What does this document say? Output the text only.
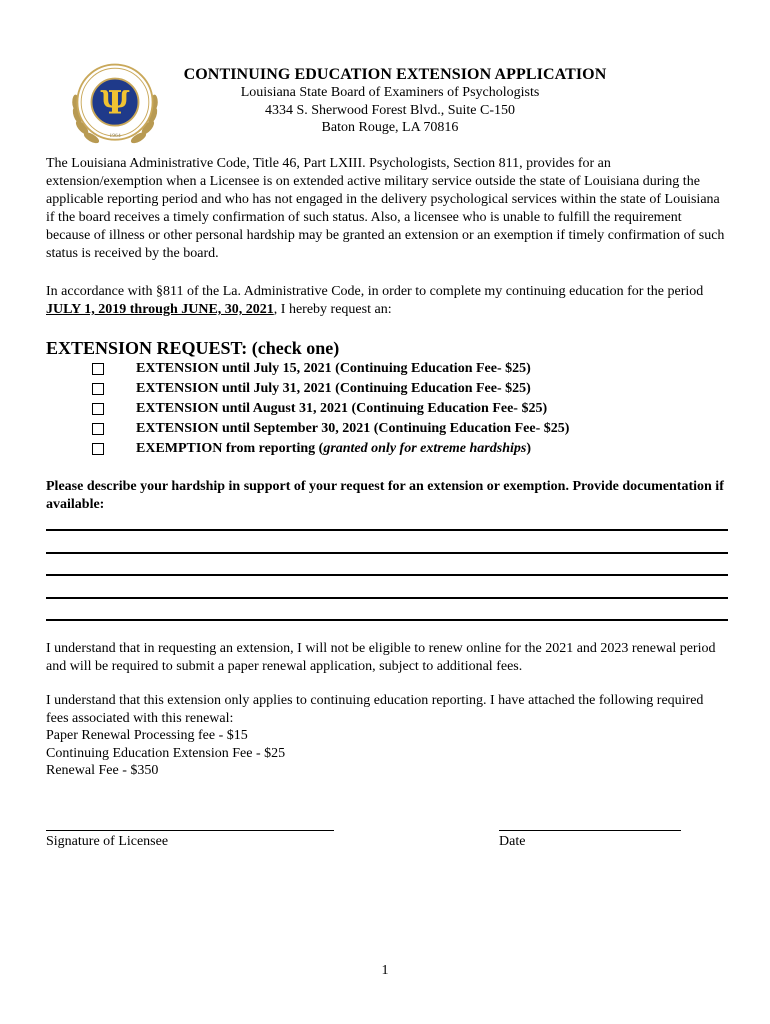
Ψ
1964
CONTINUING EDUCATION EXTENSION APPLICATION
Louisiana State Board of Examiners of Psychologists
4334 S. Sherwood Forest Blvd., Suite C-150
Baton Rouge, LA 70816
The Louisiana Administrative Code, Title 46, Part LXIII. Psychologists, Section 811, provides for an extension/exemption when a Licensee is on extended active military service outside the state of Louisiana during the applicable reporting period and who has not engaged in the delivery psychological services within the state of Louisiana if the board receives a timely confirmation of such status. Also, a licensee who is unable to fulfill the requirement because of illness or other personal hardship may be granted an extension or an exemption if timely confirmation of such status is received by the board.
In accordance with §811 of the La. Administrative Code, in order to complete my continuing education for the period JULY 1, 2019 through JUNE, 30, 2021, I hereby request an:
EXTENSION REQUEST: (check one)
EXTENSION until July 15, 2021 (Continuing Education Fee- $25)
EXTENSION until July 31, 2021 (Continuing Education Fee- $25)
EXTENSION until August 31, 2021 (Continuing Education Fee- $25)
EXTENSION until September 30, 2021 (Continuing Education Fee- $25)
EXEMPTION from reporting (granted only for extreme hardships)
Please describe your hardship in support of your request for an extension or exemption. Provide documentation if available:
I understand that in requesting an extension, I will not be eligible to renew online for the 2021 and 2023 renewal period and will be required to submit a paper renewal application, subject to additional fees.
I understand that this extension only applies to continuing education reporting. I have attached the following required fees associated with this renewal:
Paper Renewal Processing fee - $15
Continuing Education Extension Fee - $25
Renewal Fee - $350
Signature of Licensee	Date
1
